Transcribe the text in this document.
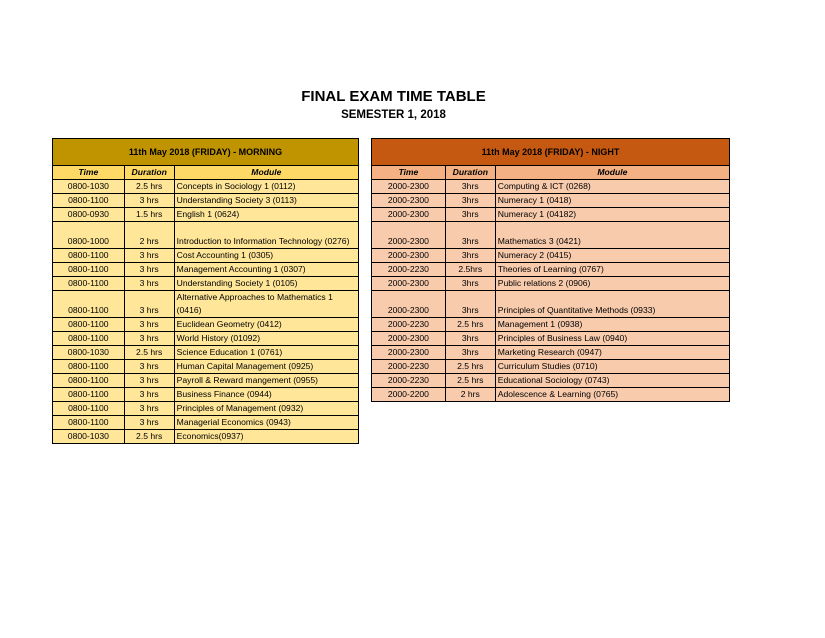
FINAL EXAM TIME TABLE
SEMESTER 1, 2018
11th May 2018 (FRIDAY) - MORNING		
Time	Duration	Module
0800-1030	2.5 hrs	Concepts in Sociology 1 (0112)
0800-1100	3 hrs	Understanding Society 3 (0113)
0800-0930	1.5 hrs	English 1 (0624)
0800-1000	2 hrs	Introduction to Information Technology (0276)
0800-1100	3 hrs	Cost Accounting 1 (0305)
0800-1100	3 hrs	Management Accounting 1 (0307)
0800-1100	3 hrs	Understanding Society 1 (0105)
0800-1100	3 hrs	Alternative Approaches to Mathematics 1 (0416)
0800-1100	3 hrs	Euclidean Geometry (0412)
0800-1100	3 hrs	World History (01092)
0800-1030	2.5 hrs	Science Education 1 (0761)
0800-1100	3 hrs	Human Capital Management (0925)
0800-1100	3 hrs	Payroll & Reward mangement (0955)
0800-1100	3 hrs	Business Finance (0944)
0800-1100	3 hrs	Principles of Management (0932)
0800-1100	3 hrs	Managerial Economics (0943)
0800-1030	2.5 hrs	Economics(0937)
11th May 2018 (FRIDAY) - NIGHT		
Time	Duration	Module
2000-2300	3hrs	Computing & ICT (0268)
2000-2300	3hrs	Numeracy 1 (0418)
2000-2300	3hrs	Numeracy 1 (04182)
2000-2300	3hrs	Mathematics 3 (0421)
2000-2300	3hrs	Numeracy 2 (0415)
2000-2230	2.5hrs	Theories of Learning (0767)
2000-2300	3hrs	Public relations 2 (0906)
2000-2300	3hrs	Principles of Quantitative Methods (0933)
2000-2230	2.5 hrs	Management 1 (0938)
2000-2300	3hrs	Principles of Business Law (0940)
2000-2300	3hrs	Marketing Research (0947)
2000-2230	2.5 hrs	Curriculum Studies (0710)
2000-2230	2.5 hrs	Educational Sociology (0743)
2000-2200	2 hrs	Adolescence & Learning (0765)
